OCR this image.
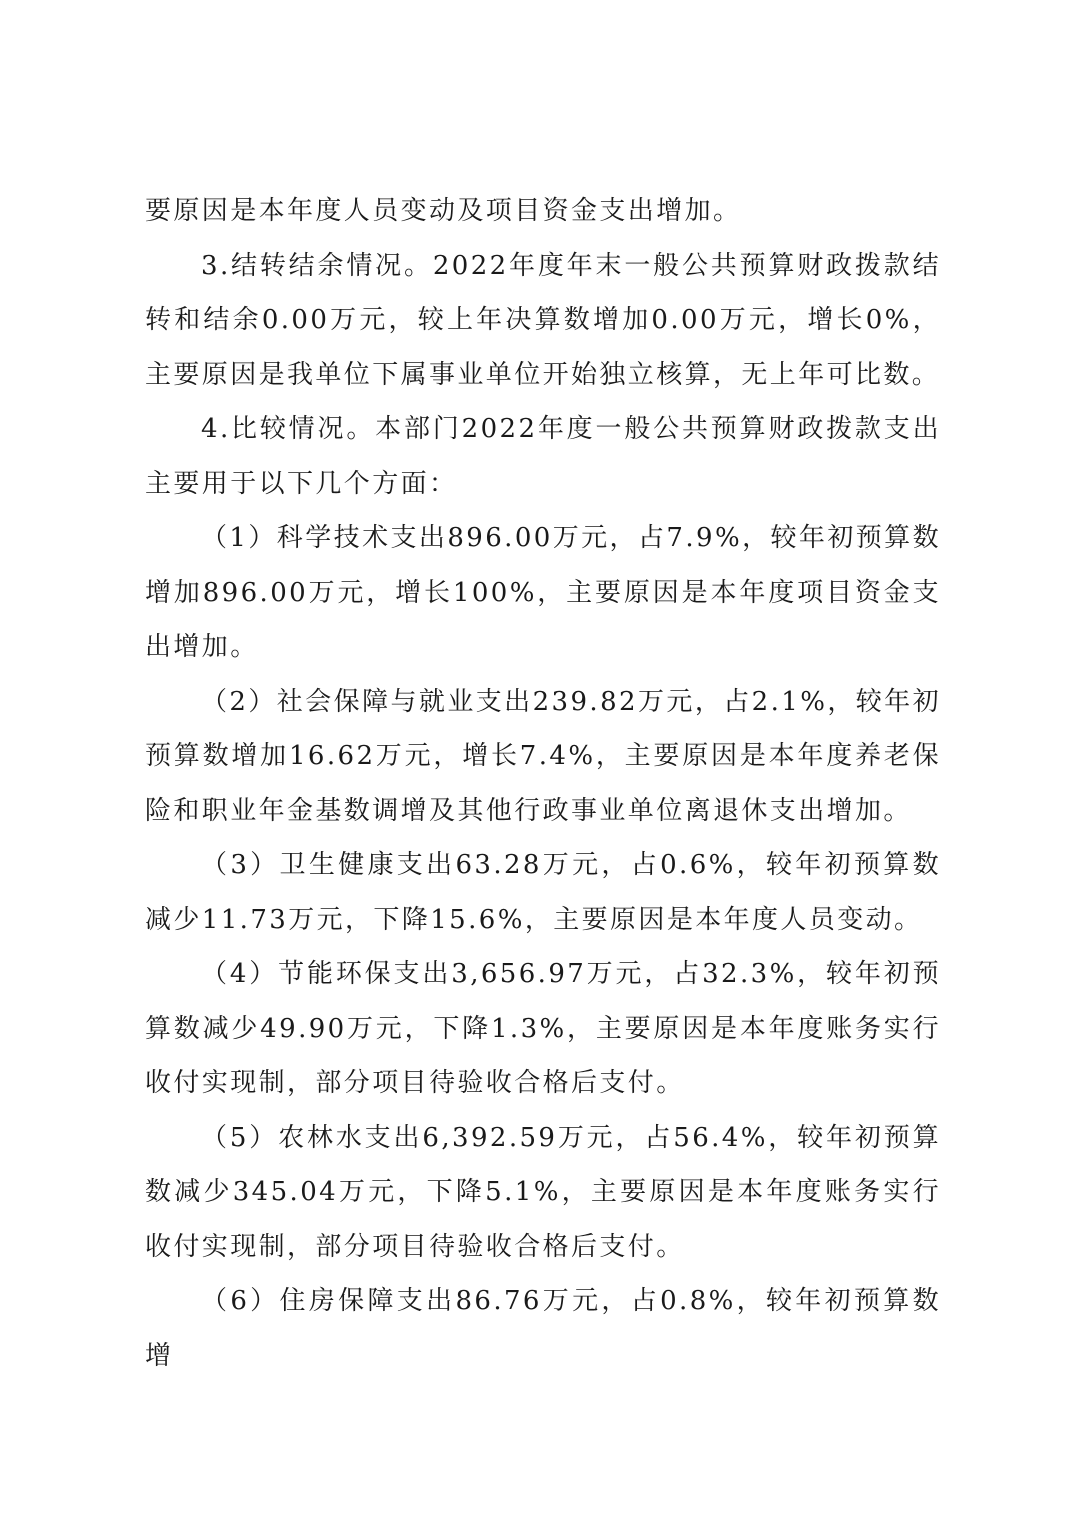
要原因是本年度人员变动及项目资金支出增加。

3.结转结余情况。2022年度年末一般公共预算财政拨款结转和结余0.00万元，较上年决算数增加0.00万元，增长0%，主要原因是我单位下属事业单位开始独立核算，无上年可比数。

4.比较情况。本部门2022年度一般公共预算财政拨款支出主要用于以下几个方面：

（1）科学技术支出896.00万元，占7.9%，较年初预算数增加896.00万元，增长100%，主要原因是本年度项目资金支出增加。

（2）社会保障与就业支出239.82万元，占2.1%，较年初预算数增加16.62万元，增长7.4%，主要原因是本年度养老保险和职业年金基数调增及其他行政事业单位离退休支出增加。

（3）卫生健康支出63.28万元，占0.6%，较年初预算数减少11.73万元，下降15.6%，主要原因是本年度人员变动。

（4）节能环保支出3,656.97万元，占32.3%，较年初预算数减少49.90万元，下降1.3%，主要原因是本年度账务实行收付实现制，部分项目待验收合格后支付。

（5）农林水支出6,392.59万元，占56.4%，较年初预算数减少345.04万元，下降5.1%，主要原因是本年度账务实行收付实现制，部分项目待验收合格后支付。

（6）住房保障支出86.76万元，占0.8%，较年初预算数增
